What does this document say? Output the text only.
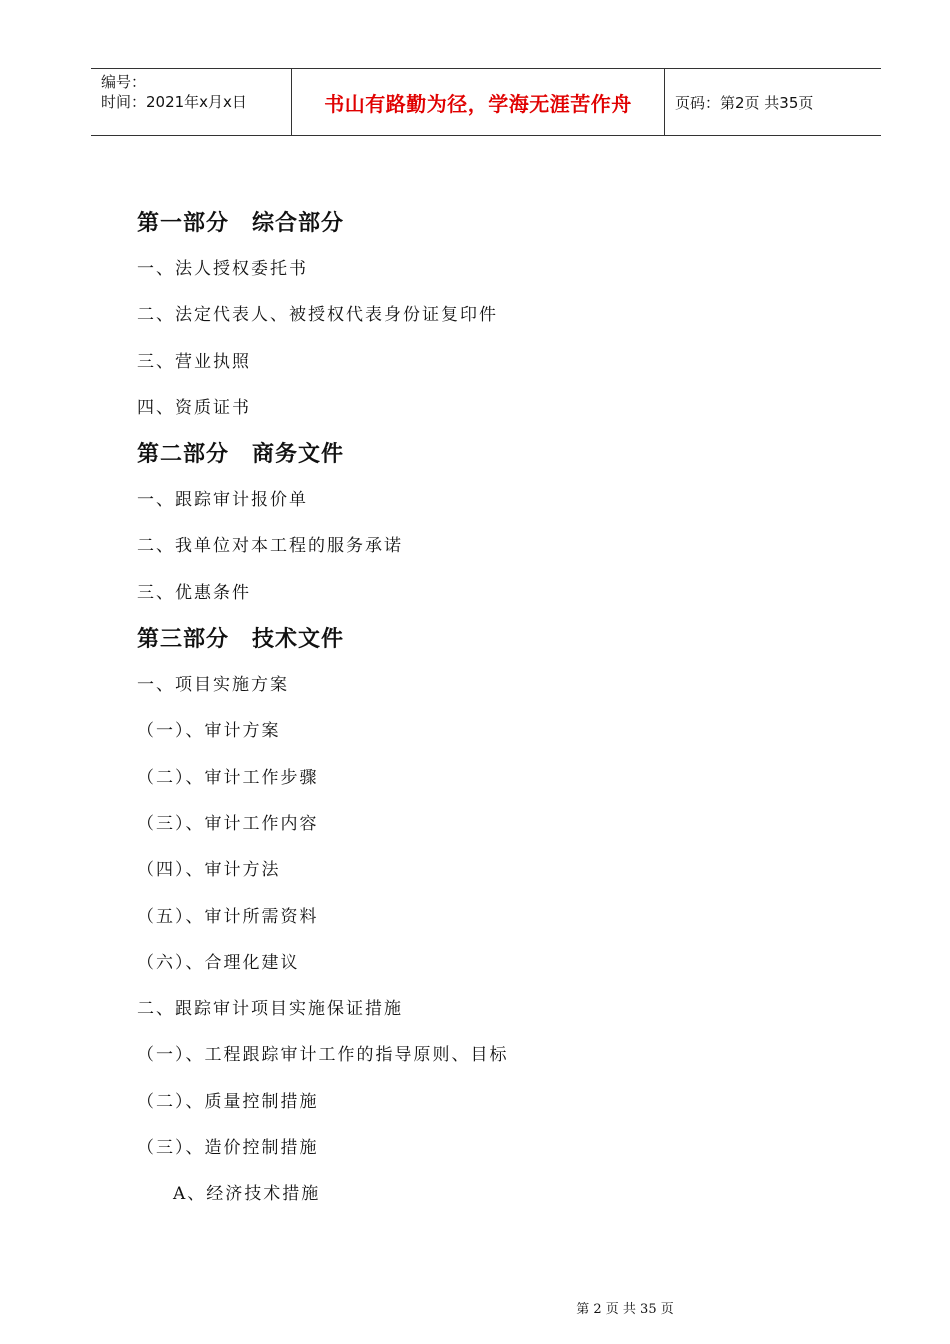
编号：
时间：2021年x月x日	书山有路勤为径，学海无涯苦作舟	页码：第2页 共35页
第一部分　综合部分
一、法人授权委托书
二、法定代表人、被授权代表身份证复印件
三、营业执照
四、资质证书
第二部分　商务文件
一、跟踪审计报价单
二、我单位对本工程的服务承诺
三、优惠条件
第三部分　技术文件
一、项目实施方案
（一）、审计方案
（二）、审计工作步骤
（三）、审计工作内容
（四）、审计方法
（五）、审计所需资料
（六）、合理化建议
二、跟踪审计项目实施保证措施
（一）、工程跟踪审计工作的指导原则、目标
（二）、质量控制措施
（三）、造价控制措施
A、经济技术措施
第 2 页 共 35 页
